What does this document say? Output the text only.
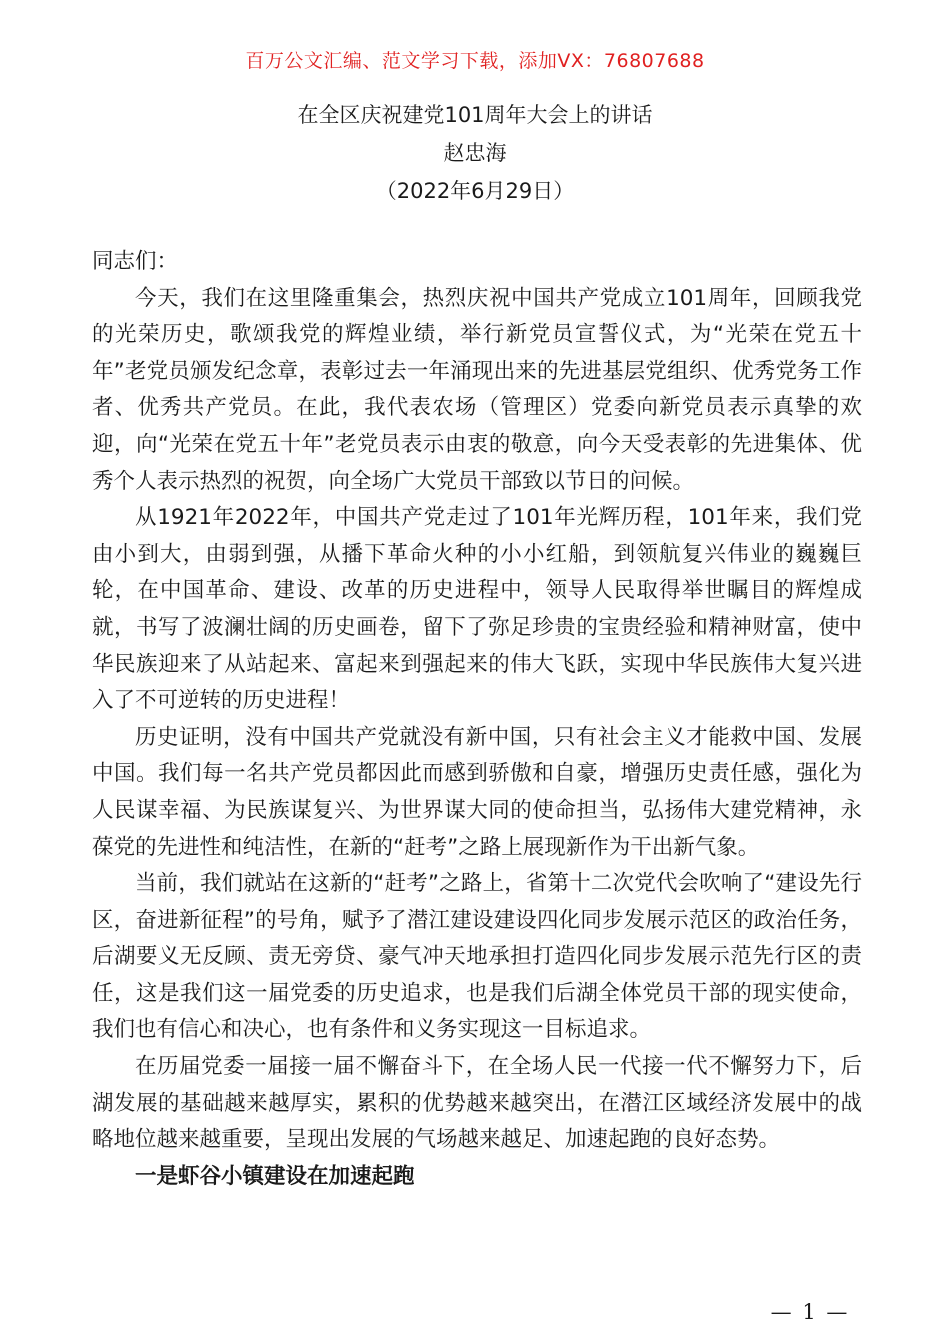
百万公文汇编、范文学习下载，添加VX：76807688
在全区庆祝建党101周年大会上的讲话
赵忠海
（2022年6月29日）

同志们：

今天，我们在这里隆重集会，热烈庆祝中国共产党成立101周年，回顾我党的光荣历史，歌颂我党的辉煌业绩，举行新党员宣誓仪式，为“光荣在党五十年”老党员颁发纪念章，表彰过去一年涌现出来的先进基层党组织、优秀党务工作者、优秀共产党员。在此，我代表农场（管理区）党委向新党员表示真挚的欢迎，向“光荣在党五十年”老党员表示由衷的敬意，向今天受表彰的先进集体、优秀个人表示热烈的祝贺，向全场广大党员干部致以节日的问候。

从1921年2022年，中国共产党走过了101年光辉历程，101年来，我们党由小到大，由弱到强，从播下革命火种的小小红船，到领航复兴伟业的巍巍巨轮，在中国革命、建设、改革的历史进程中，领导人民取得举世瞩目的辉煌成就，书写了波澜壮阔的历史画卷，留下了弥足珍贵的宝贵经验和精神财富，使中华民族迎来了从站起来、富起来到强起来的伟大飞跃，实现中华民族伟大复兴进入了不可逆转的历史进程！

历史证明，没有中国共产党就没有新中国，只有社会主义才能救中国、发展中国。我们每一名共产党员都因此而感到骄傲和自豪，增强历史责任感，强化为人民谋幸福、为民族谋复兴、为世界谋大同的使命担当，弘扬伟大建党精神，永葆党的先进性和纯洁性，在新的“赶考”之路上展现新作为干出新气象。

当前，我们就站在这新的“赶考”之路上，省第十二次党代会吹响了“建设先行区，奋进新征程”的号角，赋予了潜江建设建设四化同步发展示范区的政治任务，后湖要义无反顾、责无旁贷、豪气冲天地承担打造四化同步发展示范先行区的责任，这是我们这一届党委的历史追求，也是我们后湖全体党员干部的现实使命，我们也有信心和决心，也有条件和义务实现这一目标追求。

在历届党委一届接一届不懈奋斗下，在全场人民一代接一代不懈努力下，后湖发展的基础越来越厚实，累积的优势越来越突出，在潜江区域经济发展中的战略地位越来越重要，呈现出发展的气场越来越足、加速起跑的良好态势。

一是虾谷小镇建设在加速起跑

— 1 —
